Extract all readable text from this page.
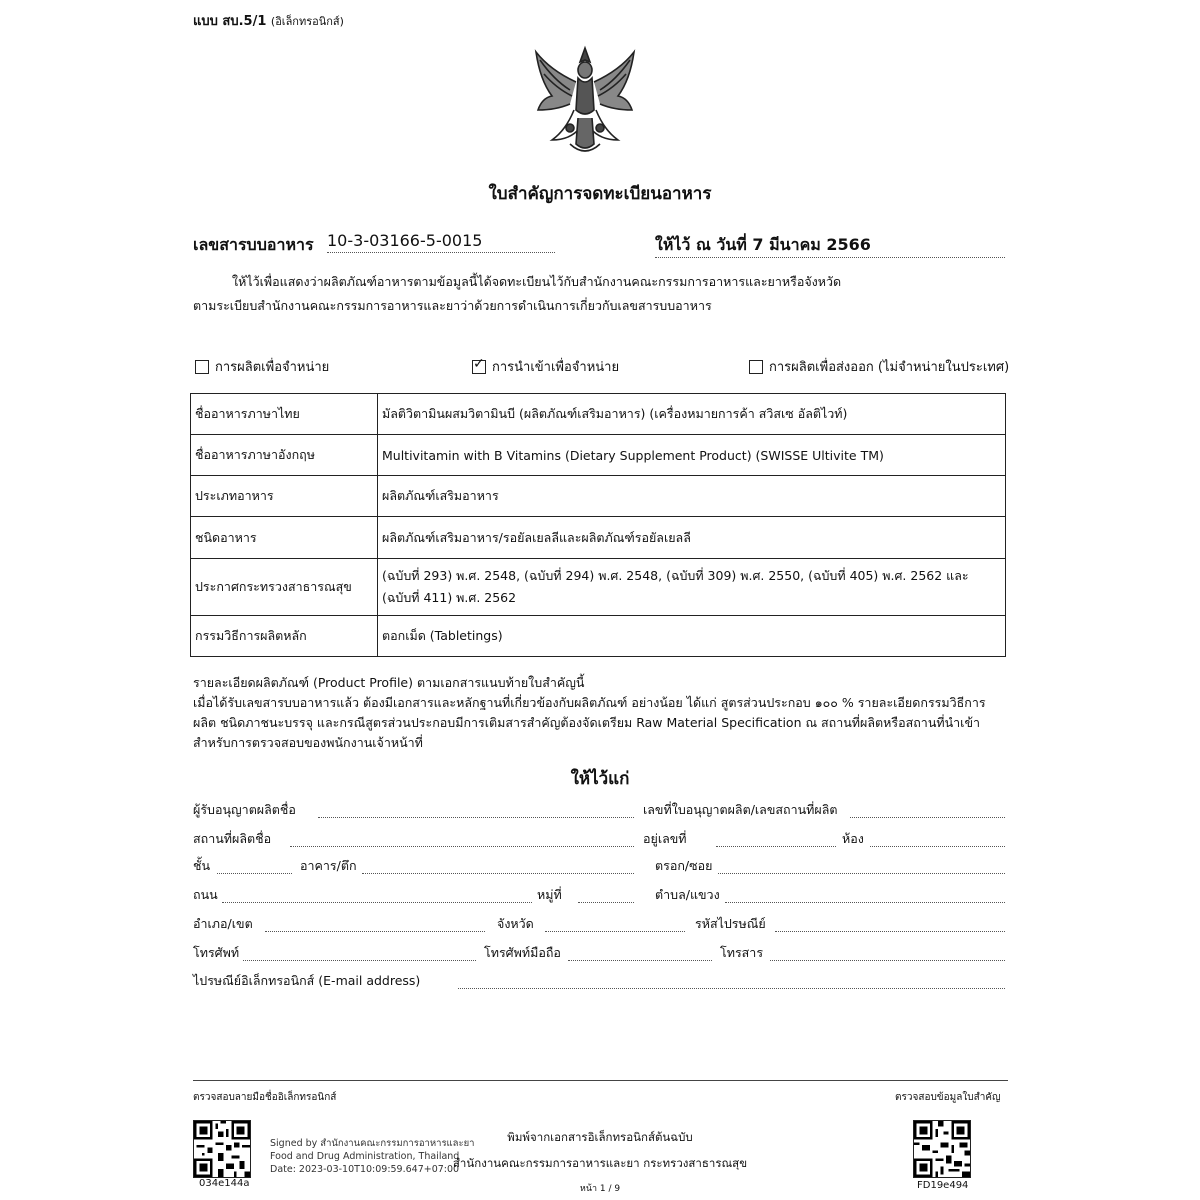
แบบ สบ.5/1 (อิเล็กทรอนิกส์)
ใบสำคัญการจดทะเบียนอาหาร
เลขสารบบอาหาร 10-3-03166-5-0015	ให้ไว้ ณ วันที่ 7 มีนาคม 2566
ให้ไว้เพื่อแสดงว่าผลิตภัณฑ์อาหารตามข้อมูลนี้ได้จดทะเบียนไว้กับสำนักงานคณะกรรมการอาหารและยาหรือจังหวัด
ตามระเบียบสำนักงานคณะกรรมการอาหารและยาว่าด้วยการดำเนินการเกี่ยวกับเลขสารบบอาหาร
การผลิตเพื่อจำหน่าย ✓	การนำเข้าเพื่อจำหน่าย	การผลิตเพื่อส่งออก (ไม่จำหน่ายในประเทศ)
ชื่ออาหารภาษาไทย	มัลติวิตามินผสมวิตามินบี (ผลิตภัณฑ์เสริมอาหาร) (เครื่องหมายการค้า สวิสเซ อัลติไวท์)
ชื่ออาหารภาษาอังกฤษ	Multivitamin with B Vitamins (Dietary Supplement Product) (SWISSE Ultivite TM)
ประเภทอาหาร	ผลิตภัณฑ์เสริมอาหาร
ชนิดอาหาร	ผลิตภัณฑ์เสริมอาหาร/รอยัลเยลลีและผลิตภัณฑ์รอยัลเยลลี
ประกาศกระทรวงสาธารณสุข	(ฉบับที่ 293) พ.ศ. 2548, (ฉบับที่ 294) พ.ศ. 2548, (ฉบับที่ 309) พ.ศ. 2550, (ฉบับที่ 405) พ.ศ. 2562 และ (ฉบับที่ 411) พ.ศ. 2562
กรรมวิธีการผลิตหลัก	ตอกเม็ด (Tabletings)
รายละเอียดผลิตภัณฑ์ (Product Profile) ตามเอกสารแนบท้ายใบสำคัญนี้
เมื่อได้รับเลขสารบบอาหารแล้ว ต้องมีเอกสารและหลักฐานที่เกี่ยวข้องกับผลิตภัณฑ์ อย่างน้อย ได้แก่ สูตรส่วนประกอบ ๑๐๐ % รายละเอียดกรรมวิธีการผลิต ชนิดภาชนะบรรจุ และกรณีสูตรส่วนประกอบมีการเติมสารสำคัญต้องจัดเตรียม Raw Material Specification ณ สถานที่ผลิตหรือสถานที่นำเข้า สำหรับการตรวจสอบของพนักงานเจ้าหน้าที่
ให้ไว้แก่
ผู้รับอนุญาตผลิตชื่อ	เลขที่ใบอนุญาตผลิต/เลขสถานที่ผลิต
สถานที่ผลิตชื่อ	อยู่เลขที่	ห้อง
ชั้น	อาคาร/ตึก	ตรอก/ซอย
ถนน	หมู่ที่	ตำบล/แขวง
อำเภอ/เขต	จังหวัด	รหัสไปรษณีย์
โทรศัพท์	โทรศัพท์มือถือ	โทรสาร
ไปรษณีย์อิเล็กทรอนิกส์ (E-mail address)
ตรวจสอบลายมือชื่ออิเล็กทรอนิกส์	ตรวจสอบข้อมูลใบสำคัญ
034e144a
Signed by สำนักงานคณะกรรมการอาหารและยา
Food and Drug Administration, Thailand
Date: 2023-03-10T10:09:59.647+07:00
พิมพ์จากเอกสารอิเล็กทรอนิกส์ต้นฉบับ
สำนักงานคณะกรรมการอาหารและยา กระทรวงสาธารณสุข
หน้า 1 / 9	FD19e494
